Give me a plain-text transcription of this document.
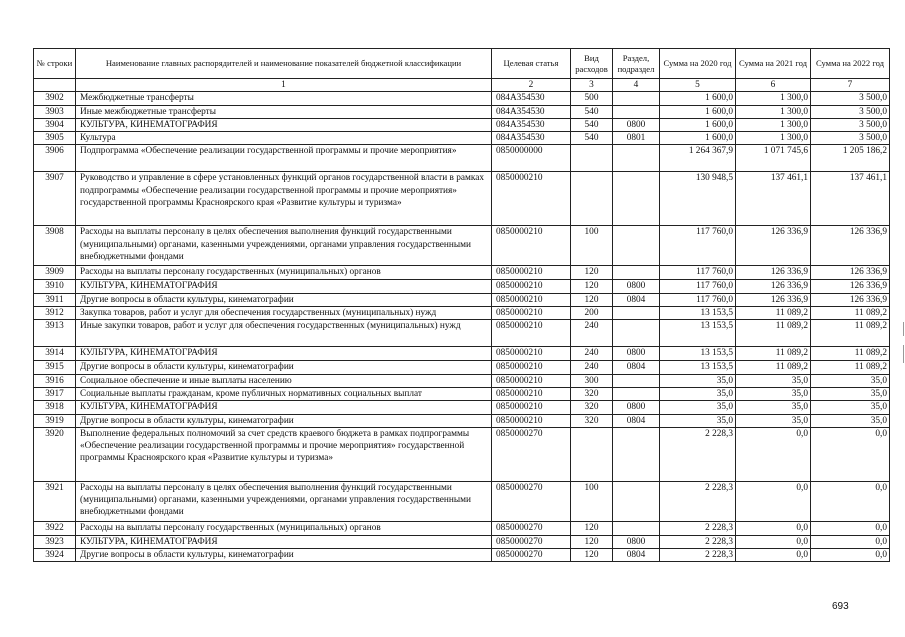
№ строки	Наименование главных распорядителей и наименование показателей бюджетной классификации	Целевая статья	Вид расходов	Раздел, подраздел	Сумма на 2020 год	Сумма на 2021 год	Сумма на 2022 год
	1	2	3	4	5	6	7
3902	Межбюджетные трансферты	084А354530	500		1 600,0	1 300,0	3 500,0
3903	Иные межбюджетные трансферты	084А354530	540		1 600,0	1 300,0	3 500,0
3904	КУЛЬТУРА, КИНЕМАТОГРАФИЯ	084А354530	540	0800	1 600,0	1 300,0	3 500,0
3905	Культура	084А354530	540	0801	1 600,0	1 300,0	3 500,0
3906	Подпрограмма «Обеспечение реализации государственной программы и прочие мероприятия»	0850000000			1 264 367,9	1 071 745,6	1 205 186,2
3907	Руководство и управление в сфере установленных функций органов государственной власти в рамках подпрограммы «Обеспечение реализации государственной программы и прочие мероприятия» государственной программы Красноярского края «Развитие культуры и туризма»	0850000210			130 948,5	137 461,1	137 461,1
3908	Расходы на выплаты персоналу в целях обеспечения выполнения функций государственными (муниципальными) органами, казенными учреждениями, органами управления государственными внебюджетными фондами	0850000210	100		117 760,0	126 336,9	126 336,9
3909	Расходы на выплаты персоналу государственных (муниципальных) органов	0850000210	120		117 760,0	126 336,9	126 336,9
3910	КУЛЬТУРА, КИНЕМАТОГРАФИЯ	0850000210	120	0800	117 760,0	126 336,9	126 336,9
3911	Другие вопросы в области культуры, кинематографии	0850000210	120	0804	117 760,0	126 336,9	126 336,9
3912	Закупка товаров, работ и услуг для обеспечения государственных (муниципальных) нужд	0850000210	200		13 153,5	11 089,2	11 089,2
3913	Иные закупки товаров, работ и услуг для обеспечения государственных (муниципальных) нужд	0850000210	240		13 153,5	11 089,2	11 089,2
3914	КУЛЬТУРА, КИНЕМАТОГРАФИЯ	0850000210	240	0800	13 153,5	11 089,2	11 089,2
3915	Другие вопросы в области культуры, кинематографии	0850000210	240	0804	13 153,5	11 089,2	11 089,2
3916	Социальное обеспечение и иные выплаты населению	0850000210	300		35,0	35,0	35,0
3917	Социальные выплаты гражданам, кроме публичных нормативных социальных выплат	0850000210	320		35,0	35,0	35,0
3918	КУЛЬТУРА, КИНЕМАТОГРАФИЯ	0850000210	320	0800	35,0	35,0	35,0
3919	Другие вопросы в области культуры, кинематографии	0850000210	320	0804	35,0	35,0	35,0
3920	Выполнение федеральных полномочий за счет средств краевого бюджета в рамках подпрограммы «Обеспечение реализации государственной программы и прочие мероприятия» государственной программы Красноярского края «Развитие культуры и туризма»	0850000270			2 228,3	0,0	0,0
3921	Расходы на выплаты персоналу в целях обеспечения выполнения функций государственными (муниципальными) органами, казенными учреждениями, органами управления государственными внебюджетными фондами	0850000270	100		2 228,3	0,0	0,0
3922	Расходы на выплаты персоналу государственных (муниципальных) органов	0850000270	120		2 228,3	0,0	0,0
3923	КУЛЬТУРА, КИНЕМАТОГРАФИЯ	0850000270	120	0800	2 228,3	0,0	0,0
3924	Другие вопросы в области культуры, кинематографии	0850000270	120	0804	2 228,3	0,0	0,0
693
